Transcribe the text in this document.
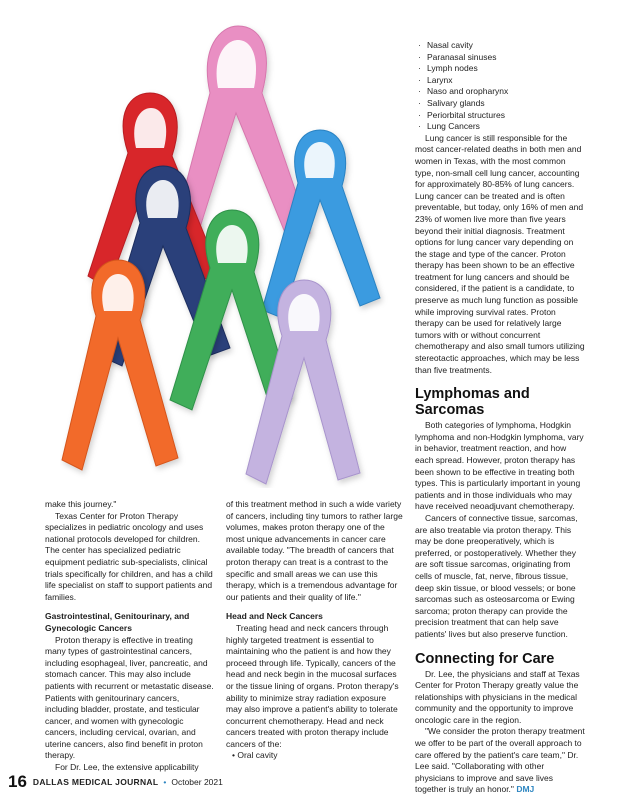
make this journey."

Texas Center for Proton Therapy specializes in pediatric oncology and uses national protocols developed for children. The center has specialized pediatric equipment pediatric sub-specialists, clinical trials specifically for children, and has a child life specialist on staff to support patients and families.

Gastrointestinal, Genitourinary, and Gynecologic Cancers

Proton therapy is effective in treating many types of gastrointestinal cancers, including esophageal, liver, pancreatic, and stomach cancer. This may also include patients with recurrent or metastatic disease. Patients with genitourinary cancers, including bladder, prostate, and testicular cancer, and women with gynecologic cancers, including cervical, ovarian, and uterine cancers, also find benefit in proton therapy.

For Dr. Lee, the extensive applicability

of this treatment method in such a wide variety of cancers, including tiny tumors to rather large volumes, makes proton therapy one of the most unique advancements in cancer care available today. "The breadth of cancers that proton therapy can treat is a contrast to the specific and small areas we can use this therapy, which is a tremendous advantage for our patients and their quality of life."

Head and Neck Cancers

Treating head and neck cancers through highly targeted treatment is essential to maintaining who the patient is and how they proceed through life. Typically, cancers of the head and neck begin in the mucosal surfaces or the tissue lining of organs. Proton therapy's ability to minimize stray radiation exposure may also improve a patient's ability to tolerate concurrent chemotherapy. Head and neck cancers treated with proton therapy include cancers of the:

• Oral cavity
· Nasal cavity
· Paranasal sinuses
· Lymph nodes
· Larynx
· Naso and oropharynx
· Salivary glands
· Periorbital structures
· Lung Cancers

Lung cancer is still responsible for the most cancer-related deaths in both men and women in Texas, with the most common type, non-small cell lung cancer, accounting for approximately 80-85% of lung cancers. Lung cancer can be treated and is often preventable, but today, only 16% of men and 23% of women live more than five years beyond their initial diagnosis. Treatment options for lung cancer vary depending on the stage and type of the cancer. Proton therapy has been shown to be an effective treatment for lung cancers and should be considered, if the patient is a candidate, to preserve as much lung function as possible while improving survival rates. Proton therapy can be used for relatively large tumors with or without concurrent chemotherapy and also small tumors utilizing stereotactic approaches, which may be less than five treatments.

Lymphomas and Sarcomas

Both categories of lymphoma, Hodgkin lymphoma and non-Hodgkin lymphoma, vary in behavior, treatment reaction, and how each spread. However, proton therapy has been shown to be effective in treating both types. This is particularly important in young patients and in those individuals who may have received neoadjuvant chemotherapy.

Cancers of connective tissue, sarcomas, are also treatable via proton therapy. This may be done preoperatively, which is preferred, or postoperatively. Whether they are soft tissue sarcomas, originating from cells of muscle, fat, nerve, fibrous tissue, deep skin tissue, or blood vessels; or bone sarcomas such as osteosarcoma or Ewing sarcoma; proton therapy can provide the precision treatment that can help save patients' lives but also preserve function.

Connecting for Care

Dr. Lee, the physicians and staff at Texas Center for Proton Therapy greatly value the relationships with physicians in the medical community and the opportunity to improve oncologic care in the region.

"We consider the proton therapy treatment we offer to be part of the overall approach to care offered by the patient's care team," Dr. Lee said. "Collaborating with other physicians to improve and save lives together is truly an honor." DMJ

16 DALLAS MEDICAL JOURNAL • October 2021
